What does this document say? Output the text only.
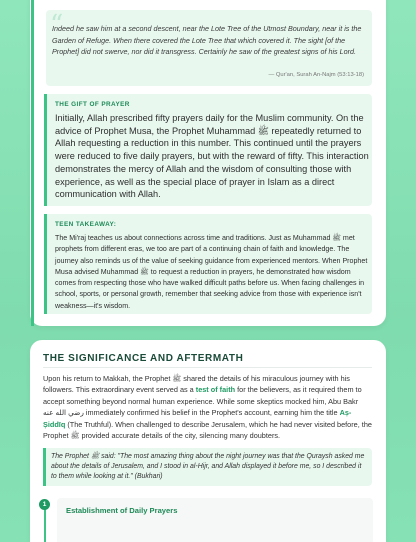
“

Indeed he saw him at a second descent, near the Lote Tree of the Utmost Boundary, near it is the Garden of Refuge. When there covered the Lote Tree that which covered it. The sight [of the Prophet] did not swerve, nor did it transgress. Certainly he saw of the greatest signs of his Lord.

— Qur'an, Surah An-Najm (53:13-18)
THE GIFT OF PRAYER

Initially, Allah prescribed fifty prayers daily for the Muslim community. On the advice of Prophet Musa, the Prophet Muhammad ﷺ repeatedly returned to Allah requesting a reduction in this number. This continued until the prayers were reduced to five daily prayers, but with the reward of fifty. This interaction demonstrates the mercy of Allah and the wisdom of consulting those with experience, as well as the special place of prayer in Islam as a direct communication with Allah.

TEEN TAKEAWAY:

The Mi'raj teaches us about connections across time and traditions. Just as Muhammad ﷺ met prophets from different eras, we too are part of a continuing chain of faith and knowledge. The journey also reminds us of the value of seeking guidance from experienced mentors. When Prophet Musa advised Muhammad ﷺ to request a reduction in prayers, he demonstrated how wisdom comes from respecting those who have walked difficult paths before us. When facing challenges in school, sports, or personal growth, remember that seeking advice from those with experience isn't weakness—it's wisdom.

THE SIGNIFICANCE AND AFTERMATH

Upon his return to Makkah, the Prophet ﷺ shared the details of his miraculous journey with his followers. This extraordinary event served as a test of faith for the believers, as it required them to accept something beyond normal human experience. While some skeptics mocked him, Abu Bakr رضي الله عنه immediately confirmed his belief in the Prophet's account, earning him the title Aṣ-Ṣiddīq (The Truthful). When challenged to describe Jerusalem, which he had never visited before, the Prophet ﷺ provided accurate details of the city, silencing many doubters.

The Prophet ﷺ said: "The most amazing thing about the night journey was that the Quraysh asked me about the details of Jerusalem, and I stood in al-Hijr, and Allah displayed it before me, so I described it to them while looking at it." (Bukhari)

Establishment of Daily Prayers
1
